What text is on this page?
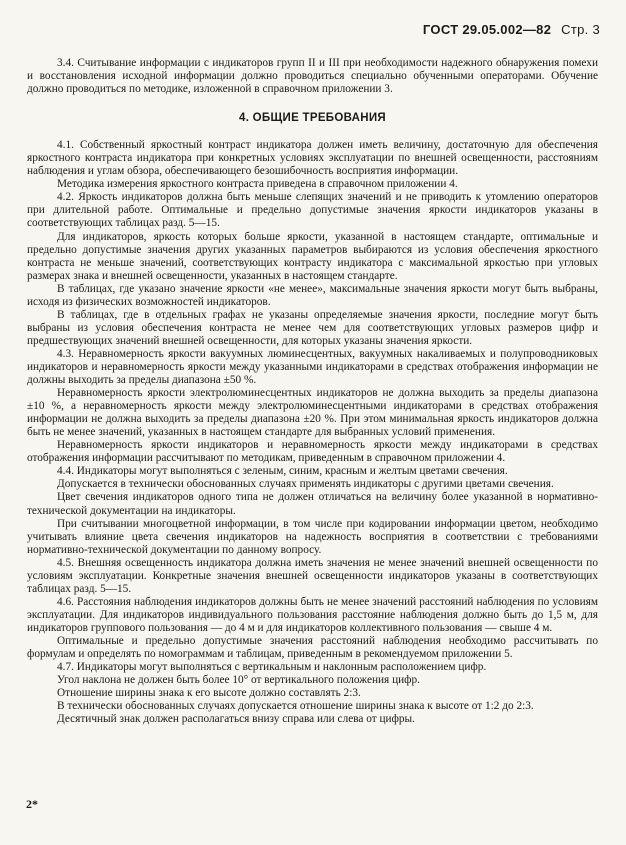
ГОСТ 29.05.002—82 Стр. 3

3.4. Считывание информации с индикаторов групп II и III при необходимости надежного обнаружения помехи и восстановления исходной информации должно проводиться специально обученными операторами. Обучение должно проводиться по методике, изложенной в справочном приложении 3.

4. ОБЩИЕ ТРЕБОВАНИЯ

4.1. Собственный яркостный контраст индикатора должен иметь величину, достаточную для обеспечения яркостного контраста индикатора при конкретных условиях эксплуатации по внешней освещенности, расстояниям наблюдения и углам обзора, обеспечивающего безошибочность восприятия информации.

Методика измерения яркостного контраста приведена в справочном приложении 4.

4.2. Яркость индикаторов должна быть меньше слепящих значений и не приводить к утомлению операторов при длительной работе. Оптимальные и предельно допустимые значения яркости индикаторов указаны в соответствующих таблицах разд. 5—15.

Для индикаторов, яркость которых больше яркости, указанной в настоящем стандарте, оптимальные и предельно допустимые значения других указанных параметров выбираются из условия обеспечения яркостного контраста не меньше значений, соответствующих контрасту индикатора с максимальной яркостью при угловых размерах знака и внешней освещенности, указанных в настоящем стандарте.

В таблицах, где указано значение яркости «не менее», максимальные значения яркости могут быть выбраны, исходя из физических возможностей индикаторов.

В таблицах, где в отдельных графах не указаны определяемые значения яркости, последние могут быть выбраны из условия обеспечения контраста не менее чем для соответствующих угловых размеров цифр и предшествующих значений внешней освещенности, для которых указаны значения яркости.

4.3. Неравномерность яркости вакуумных люминесцентных, вакуумных накаливаемых и полупроводниковых индикаторов и неравномерность яркости между указанными индикаторами в средствах отображения информации не должны выходить за пределы диапазона ±50 %.

Неравномерность яркости электролюминесцентных индикаторов не должна выходить за пределы диапазона ±10 %, а неравномерность яркости между электролюминесцентными индикаторами в средствах отображения информации не должна выходить за пределы диапазона ±20 %. При этом минимальная яркость индикаторов должна быть не менее значений, указанных в настоящем стандарте для выбранных условий применения.

Неравномерность яркости индикаторов и неравномерность яркости между индикаторами в средствах отображения информации рассчитывают по методикам, приведенным в справочном приложении 4.

4.4. Индикаторы могут выполняться с зеленым, синим, красным и желтым цветами свечения.

Допускается в технически обоснованных случаях применять индикаторы с другими цветами свечения.

Цвет свечения индикаторов одного типа не должен отличаться на величину более указанной в нормативно-технической документации на индикаторы.

При считывании многоцветной информации, в том числе при кодировании информации цветом, необходимо учитывать влияние цвета свечения индикаторов на надежность восприятия в соответствии с требованиями нормативно-технической документации по данному вопросу.

4.5. Внешняя освещенность индикатора должна иметь значения не менее значений внешней освещенности по условиям эксплуатации. Конкретные значения внешней освещенности индикаторов указаны в соответствующих таблицах разд. 5—15.

4.6. Расстояния наблюдения индикаторов должны быть не менее значений расстояний наблюдения по условиям эксплуатации. Для индикаторов индивидуального пользования расстояние наблюдения должно быть до 1,5 м, для индикаторов группового пользования — до 4 м и для индикаторов коллективного пользования — свыше 4 м.

Оптимальные и предельно допустимые значения расстояний наблюдения необходимо рассчитывать по формулам и определять по номограммам и таблицам, приведенным в рекомендуемом приложении 5.

4.7. Индикаторы могут выполняться с вертикальным и наклонным расположением цифр.

Угол наклона не должен быть более 10° от вертикального положения цифр.

Отношение ширины знака к его высоте должно составлять 2:3.

В технически обоснованных случаях допускается отношение ширины знака к высоте от 1:2 до 2:3.

Десятичный знак должен располагаться внизу справа или слева от цифры.

2*
